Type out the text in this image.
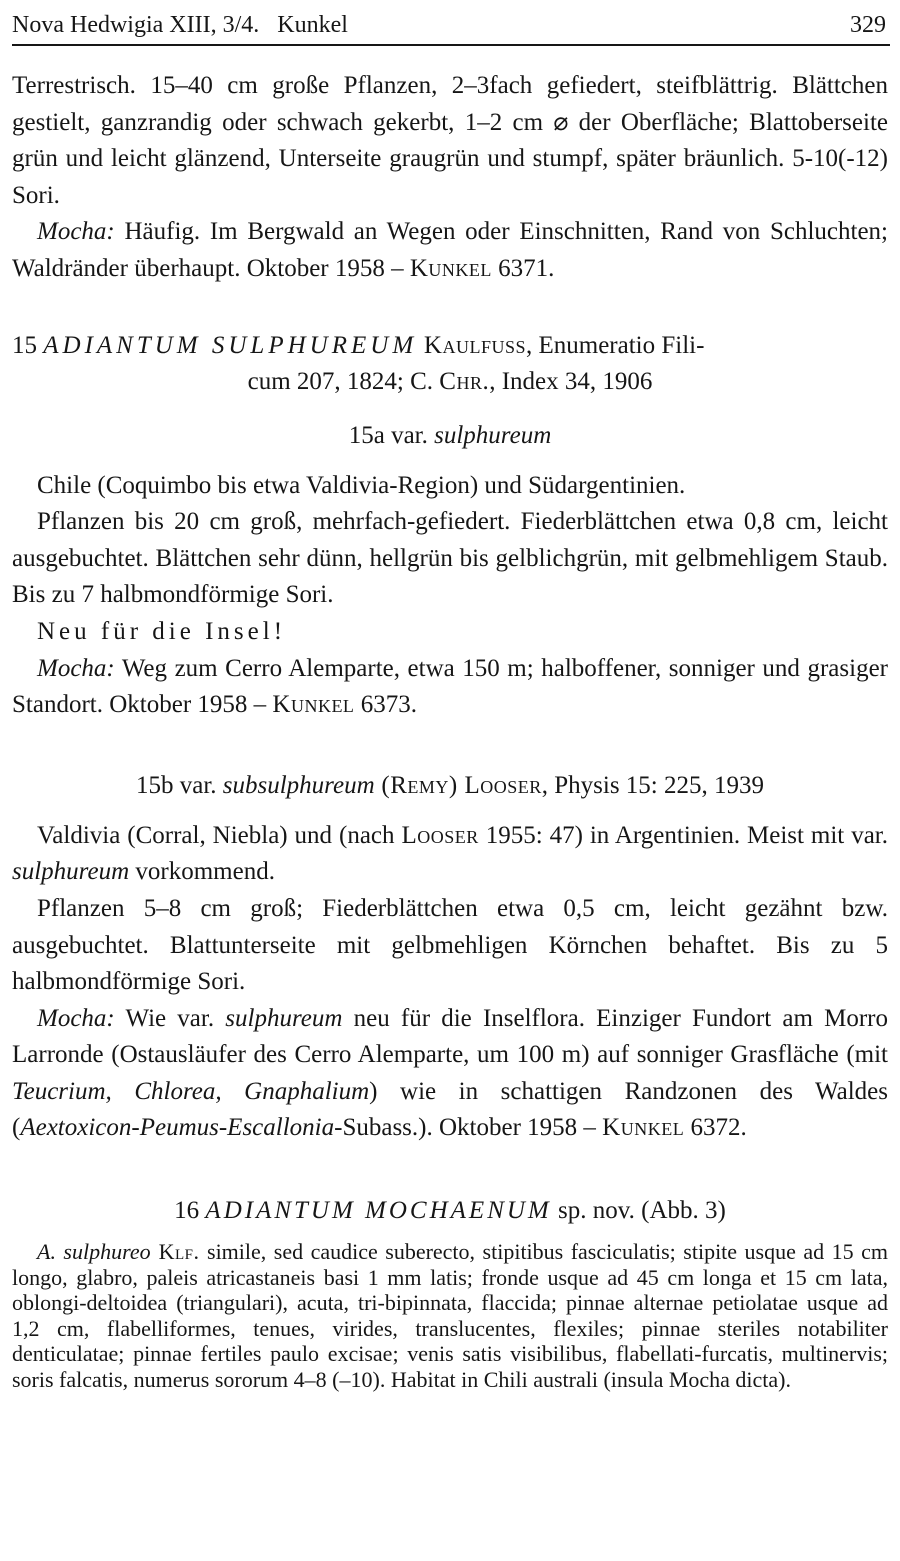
Nova Hedwigia XIII, 3/4. Kunkel	329

Terrestrisch. 15–40 cm große Pflanzen, 2–3fach gefiedert, steifblättrig. Blättchen gestielt, ganzrandig oder schwach gekerbt, 1–2 cm ⌀ der Oberfläche; Blattoberseite grün und leicht glänzend, Unterseite graugrün und stumpf, später bräunlich. 5-10(-12) Sori.

Mocha: Häufig. Im Bergwald an Wegen oder Einschnitten, Rand von Schluchten; Waldränder überhaupt. Oktober 1958 – Kunkel 6371.

15 ADIANTUM SULPHUREUM Kaulfuss, Enumeratio Fili-
cum 207, 1824; C. Chr., Index 34, 1906

15a var. sulphureum

Chile (Coquimbo bis etwa Valdivia-Region) und Südargentinien.

Pflanzen bis 20 cm groß, mehrfach-gefiedert. Fiederblättchen etwa 0,8 cm, leicht ausgebuchtet. Blättchen sehr dünn, hellgrün bis gelblichgrün, mit gelbmehligem Staub. Bis zu 7 halbmondförmige Sori.

Neu für die Insel!

Mocha: Weg zum Cerro Alemparte, etwa 150 m; halboffener, sonniger und grasiger Standort. Oktober 1958 – Kunkel 6373.

15b var. subsulphureum (Remy) Looser, Physis 15: 225, 1939

Valdivia (Corral, Niebla) und (nach Looser 1955: 47) in Argentinien. Meist mit var. sulphureum vorkommend.

Pflanzen 5–8 cm groß; Fiederblättchen etwa 0,5 cm, leicht gezähnt bzw. ausgebuchtet. Blattunterseite mit gelbmehligen Körnchen behaftet. Bis zu 5 halbmondförmige Sori.

Mocha: Wie var. sulphureum neu für die Inselflora. Einziger Fundort am Morro Larronde (Ostausläufer des Cerro Alemparte, um 100 m) auf sonniger Grasfläche (mit Teucrium, Chlorea, Gnaphalium) wie in schattigen Randzonen des Waldes (Aextoxicon-Peumus-Escallonia-Subass.). Oktober 1958 – Kunkel 6372.

16 ADIANTUM MOCHAENUM sp. nov. (Abb. 3)

A. sulphureo Klf. simile, sed caudice suberecto, stipitibus fasciculatis; stipite usque ad 15 cm longo, glabro, paleis atricastaneis basi 1 mm latis; fronde usque ad 45 cm longa et 15 cm lata, oblongi-deltoidea (triangulari), acuta, tri-bipinnata, flaccida; pinnae alternae petiolatae usque ad 1,2 cm, flabelliformes, tenues, virides, translucentes, flexiles; pinnae steriles notabiliter denticulatae; pinnae fertiles paulo excisae; venis satis visibilibus, flabellati-furcatis, multinervis; soris falcatis, numerus sororum 4–8 (–10). Habitat in Chili australi (insula Mocha dicta).
